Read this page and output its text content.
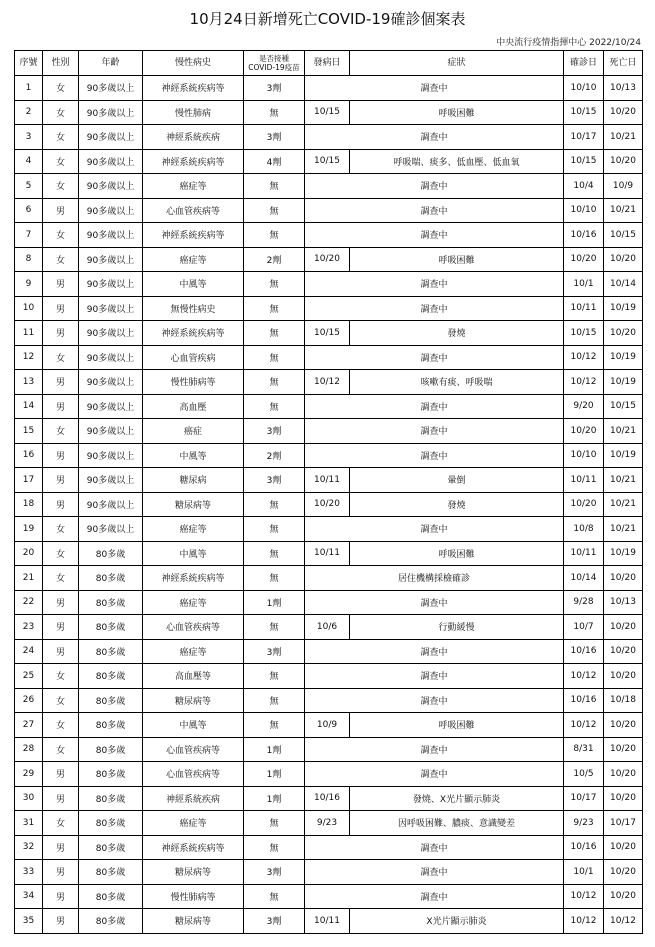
10月24日新增死亡COVID-19確診個案表
中央流行疫情指揮中心 2022/10/24
序號	性別	年齡	慢性病史	是否接種
COVID-19疫苗	發病日	症狀	確診日	死亡日
1	女	90多歲以上	神經系統疾病等	3劑	調查中		10/10	10/13
2	女	90多歲以上	慢性肺病	無	10/15	呼吸困難	10/15	10/20
3	女	90多歲以上	神經系統疾病	3劑	調查中		10/17	10/21
4	女	90多歲以上	神經系統疾病等	4劑	10/15	呼吸喘、痰多、低血壓、低血氧	10/15	10/20
5	女	90多歲以上	癌症等	無	調查中		10/4	10/9
6	男	90多歲以上	心血管疾病等	無	調查中		10/10	10/21
7	女	90多歲以上	神經系統疾病等	無	調查中		10/16	10/15
8	女	90多歲以上	癌症等	2劑	10/20	呼吸困難	10/20	10/20
9	男	90多歲以上	中風等	無	調查中		10/1	10/14
10	男	90多歲以上	無慢性病史	無	調查中		10/11	10/19
11	男	90多歲以上	神經系統疾病等	無	10/15	發燒	10/15	10/20
12	女	90多歲以上	心血管疾病	無	調查中		10/12	10/19
13	男	90多歲以上	慢性肺病等	無	10/12	咳嗽有痰、呼吸喘	10/12	10/19
14	男	90多歲以上	高血壓	無	調查中		9/20	10/15
15	女	90多歲以上	癌症	3劑	調查中		10/20	10/21
16	男	90多歲以上	中風等	2劑	調查中		10/10	10/19
17	男	90多歲以上	糖尿病	3劑	10/11	暈倒	10/11	10/21
18	男	90多歲以上	糖尿病等	無	10/20	發燒	10/20	10/21
19	女	90多歲以上	癌症等	無	調查中		10/8	10/21
20	女	80多歲	中風等	無	10/11	呼吸困難	10/11	10/19
21	女	80多歲	神經系統疾病等	無	居住機構採檢確診		10/14	10/20
22	男	80多歲	癌症等	1劑	調查中		9/28	10/13
23	男	80多歲	心血管疾病等	無	10/6	行動緩慢	10/7	10/20
24	男	80多歲	癌症等	3劑	調查中		10/16	10/20
25	女	80多歲	高血壓等	無	調查中		10/12	10/20
26	女	80多歲	糖尿病等	無	調查中		10/16	10/18
27	女	80多歲	中風等	無	10/9	呼吸困難	10/12	10/20
28	女	80多歲	心血管疾病等	1劑	調查中		8/31	10/20
29	男	80多歲	心血管疾病等	1劑	調查中		10/5	10/20
30	男	80多歲	神經系統疾病	1劑	10/16	發燒、X光片顯示肺炎	10/17	10/20
31	女	80多歲	癌症等	無	9/23	因呼吸困難、膿痰、意識變差	9/23	10/17
32	男	80多歲	神經系統疾病等	無	調查中		10/16	10/20
33	男	80多歲	糖尿病等	3劑	調查中		10/1	10/20
34	男	80多歲	慢性肺病等	無	調查中		10/12	10/20
35	男	80多歲	糖尿病等	3劑	10/11	X光片顯示肺炎	10/12	10/12
